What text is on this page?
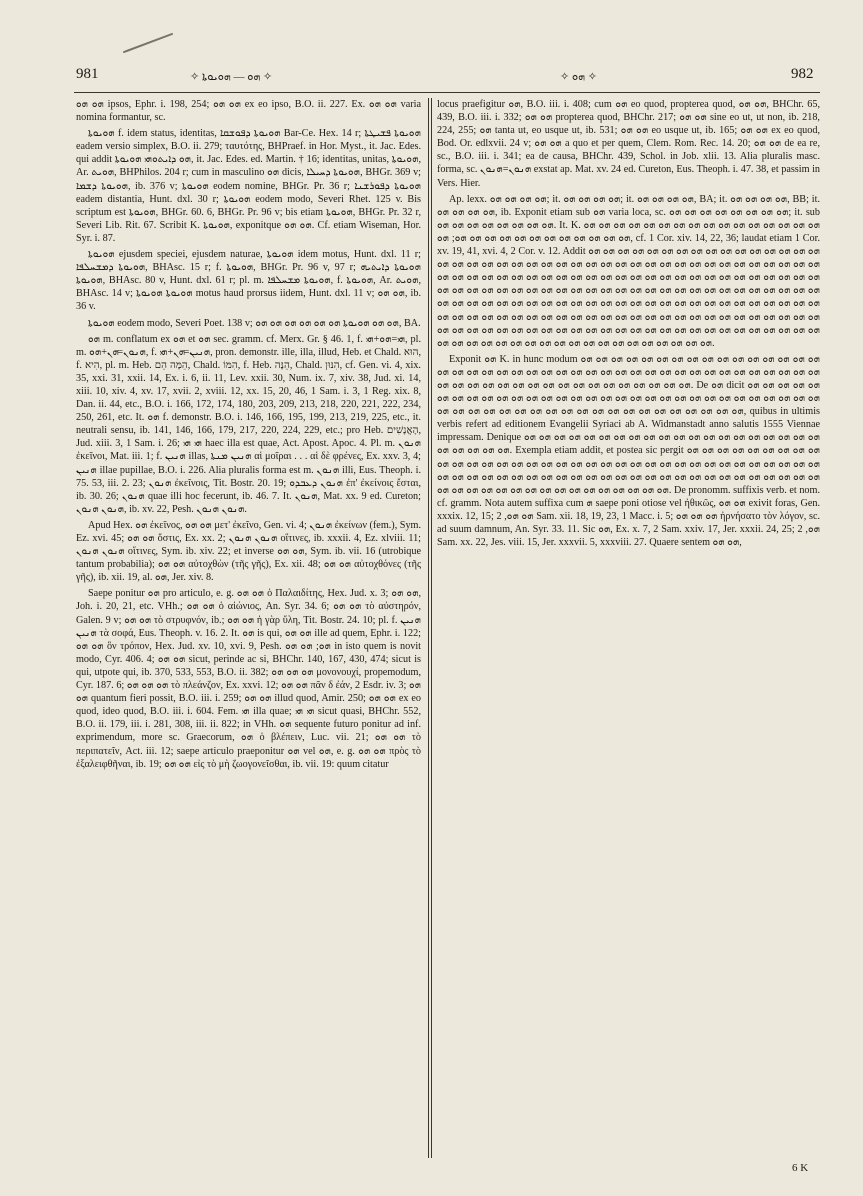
981	✧ ܗܘ — ܗܘܝܘܬܐ ✧	✧ ܗܘ ✧	982

ܗܘ ܗܘ ipsos, Ephr. i. 198, 254; ܗܘ ܗܘ ex eo ipso, B.O. ii. 227. Ex. ܗܘ ܗܘ varia nomina formantur, sc.

ܗܘܝܘܬܐ f. idem status, identitas, ܗܘܝܘܬܐ ܕܦܘܫܩܐ Bar-Ce. Hex. 14 r; ܗܘܝܘܬܐ ܦܫܝܛܬܐ eadem versio simplex, B.O. ii. 279; ταυτότης, BHPraef. in Hor. Myst., it. Jac. Edes. qui addit ܗܘ ܕܐܝܬܘܗܝ ܗܘܝܘܬܐ, it. Jac. Edes. ed. Martin. † 16; identitas, unitas, ܗܘܝܘܬܐ, Ar. ܗܘܝܬ, BHPhilos. 204 r; cum in masculino ܗܘ dicis, ܗܘܝܘܬܐ ܕܚܝܠܐ, BHGr. 369 v; ܗܘܝܘܬܐ ܕܫܡܐ, ib. 376 v; ܗܘܝܘܬܐ eodem nomine, BHGr. Pr. 36 r; ܗܘܝܘܬܐ ܕܦܘܪܫܢܐ eadem distantia, Hunt. dxl. 30 r; ܗܘܝܘܬܐ eodem modo, Severi Rhet. 125 v. Bis scriptum est ܗܘܝܘܬܐ, BHGr. 60. 6, BHGr. Pr. 96 v; bis etiam ܗܘܝܘܬܐ, BHGr. Pr. 32 r, Severi Lib. Rit. 67. Scribit K. ܗܘܝܘܬܐ, exponitque ܗܘ ܗܘ. Cf. etiam Wiseman, Hor. Syr. i. 87.

ܗܘܝܘܬܐ ejusdem speciei, ejusdem naturae, ܗܘܝܘܬܐ idem motus, Hunt. dxl. 11 r; ܗܘܝܘܬܐ ܕܡܫܚܠܦܐ, BHAsc. 15 r; f. ܗܘܝܘܬܐ, BHGr. Pr. 96 v, 97 r; ܗܘܝܘܬܐ ܕܐܝܬܝܗ ܗܘܝܘܬܐ, BHAsc. 80 v, Hunt. dxl. 61 r; pl. m. ܗܘܝܘܬܐ ܡܫܚܠܦܐ, f. ܗܘܝܘܬܐ, Ar. ܗܘܝܬ, BHAsc. 14 v; ܗܘܝܘܬܐ ܗܘܝܘܬܐ motus haud prorsus iidem, Hunt. dxl. 11 v; ܗܘ ܗܘ, ib. 36 v.

ܗܘܝܘܬܐ eodem modo, Severi Poet. 138 v; ܗܘ ܗܘ ܗܘܝܘܬܐ ܗܘ ܗܘ ܗܘ ܗܘ ܗܘ ܗܘ, BA.

ܗܘ m. conflatum ex ܗܘ et ܗܘ sec. gramm. cf. Merx. Gr. § 46. 1, f. ܗܝ=ܗܘ+ܗܝ, pl. m. ܗܢܘܢ=ܗܢ+ܗܘ, f. ܗܢܝܢ=ܗܢ+ܗܝ, pron. demonstr. ille, illa, illud, Heb. et Chald. הוּא, f. הִיא, pl. m. Heb. הֵמָּה הֵם, Chald. הִמּוֹ, f. Heb. הֵנָּה, Chald. הִנּוּן, cf. Gen. vi. 4, xix. 35, xxi. 31, xxii. 14, Ex. i. 6, ii. 11, Lev. xxii. 30, Num. ix. 7, xiv. 38, Jud. xi. 14, xiii. 10, xiv. 4, xv. 17, xvii. 2, xviii. 12, xx. 15, 20, 46, 1 Sam. i. 3, 1 Reg. xix. 8, Dan. ii. 44, etc., B.O. i. 166, 172, 174, 180, 203, 209, 213, 218, 220, 221, 222, 234, 250, 261, etc. It. ܗܘ f. demonstr. B.O. i. 146, 166, 195, 199, 213, 219, 225, etc., it. neutrali sensu, ib. 141, 146, 166, 179, 217, 220, 224, 229, etc.; pro Heb. הָאֲנָשִׁים, Jud. xiii. 3, 1 Sam. i. 26; ܗܝ ܗܝ haec illa est quae, Act. Apost. Apoc. 4. Pl. m. ܗܢܘܢ ἐκεῖνοι, Mat. iii. 1; f. ܗܢܝܢ illas, ܗܢܝܢ ܡܢܬܐ αἱ μοῖραι . . . αἱ δὲ φρένες, Ex. xxv. 3, 4; ܗܢܝܢ illae pupillae, B.O. i. 226. Alia pluralis forma est m. ܗܢܘܢ illi, Eus. Theoph. i. 75. 53, iii. 2. 23; ܗܢܘܢ ἐκεῖνοις, Tit. Bostr. 20. 19; ܗܢܘܢ ܕܥܒܕܘ ἐπ' ἐκείνοις ἔσται, ib. 30. 26; ܗܢܘܢ quae illi hoc fecerunt, ib. 46. 7. It. ܗܢܘܢ, Mat. xx. 9 ed. Cureton; ܗܢܘܢ ܗܢܘܢ, ib. xv. 22, Pesh. ܗܢܘܢ ܗܢܘܢ.

Apud Hex. ܗܘ ἐκεῖνος, ܗܘ ܗܘ μετ' ἐκεῖνο, Gen. vi. 4; ܗܢܘܢ ἐκείνων (fem.), Sym. Ez. xvi. 45; ܗܘ ܗܘ ὅστις, Ex. xx. 2; ܗܢܘܢ ܗܢܘܢ οἵτινες, ib. xxxii. 4, Ez. xlviii. 11; ܗܢܘܢ ܗܢܘܢ οἵτινες, Sym. ib. xiv. 22; et inverse ܗܘ ܗܘ, Sym. ib. vii. 16 (utrobique tantum probabilia); ܗܘ ܗܘ αὐτοχθὼν (τῆς γῆς), Ex. xii. 48; ܗܘ ܗܘ αὐτοχθόνες (τῆς γῆς), ib. xii. 19, al. ܗܘ, Jer. xiv. 8.

Saepe ponitur ܗܘ pro articulo, e. g. ܗܘ ܗܘ ὁ Παλαιδίτης, Hex. Jud. x. 3; ܗܘ ܗܘ, Joh. i. 20, 21, etc. VHh.; ܗܘ ܗܘ ὁ αἰώνιος, An. Syr. 34. 6; ܗܘ ܗܘ τὸ αὐστηρόν, Galen. 9 v; ܗܘ ܗܘ τὸ στρυφνόν, ib.; ܗܘ ܗܘ ἡ γὰρ ὕλη, Tit. Bostr. 24. 10; pl. f. ܗܢܝܢ ܗܢܝܢ τὰ σοφά, Eus. Theoph. v. 16. 2. It. ܗܘ is qui, ܗܘ ܗܘ ille ad quem, Ephr. i. 122; ܗܘ ܗܘ ὃν τρόπον, Hex. Jud. xv. 10, xvi. 9, Pesh. ܗܘ; ܗܘ ܗܘ in isto quem is novit modo, Cyr. 406. 4; ܗܘ ܗܘ sicut, perinde ac si, BHChr. 140, 167, 430, 474; sicut is qui, utpote qui, ib. 370, 533, 553, B.O. ii. 382; ܗܘ ܗܘ ܗܘ μονονουχί, propemodum, Cyr. 187. 6; ܗܘ ܗܘ ܗܘ τὸ πλεάνζον, Ex. xxvi. 12; ܗܘ ܗܘ πᾶν δ ἐάν, 2 Esdr. iv. 3; ܗܘ ܗܘ quantum fieri possit, B.O. iii. i. 259; ܗܘ ܗܘ illud quod, Amir. 250; ܗܘ ܗܘ ex eo quod, ideo quod, B.O. iii. i. 604. Fem. ܗܝ illa quae; ܗܝ ܗܝ sicut quasi, BHChr. 552, B.O. ii. 179, iii. i. 281, 308, iii. ii. 822; in VHh. ܗܘ sequente futuro ponitur ad inf. exprimendum, more sc. Graecorum, ܗܘ ὁ βλέπειν, Luc. vii. 21; ܗܘ ܗܘ τὸ περιπατεῖν, Act. iii. 12; saepe articulo praeponitur ܗܘ vel ܗܘ, e. g. ܗܘ ܗܘ πρὸς τὸ ἐξαλειφθῆναι, ib. 19; ܗܘ ܗܘ εἰς τὸ μὴ ζωογονεῖσθαι, ib. vii. 19: quum citatur

locus praefigitur ܗܘ, B.O. iii. i. 408; cum ܗܘ eo quod, propterea quod, ܗܘ ܗܘ, BHChr. 65, 439, B.O. iii. i. 332; ܗܘ ܗܘ propterea quod, BHChr. 217; ܗܘ ܗܘ sine eo ut, ut non, ib. 218, 224, 255; ܗܘ tanta ut, eo usque ut, ib. 531; ܗܘ ܗܘ eo usque ut, ib. 165; ܗܘ ܗܘ ex eo quod, Bod. Or. edlxvii. 24 v; ܗܘ ܗܘ a quo et per quem, Clem. Rom. Rec. 14. 20; ܗܘ ܗܘ de ea re, sc., B.O. iii. i. 341; ea de causa, BHChr. 439, Schol. in Job. xlii. 13. Alia pluralis masc. forma, sc. ܗܢܘܢ=ܗܢܘܢ exstat ap. Mat. xv. 24 ed. Cureton, Eus. Theoph. i. 47. 38, et passim in Vers. Hier.

Ap. lexx. ܗܘ ܗܘ ܗܘ ܗܘ; it. ܗܘ ܗܘ ܗܘ ܗܘ; it. ܗܘ ܗܘ ܗܘ ܗܘ, BA; it. ܗܘ ܗܘ ܗܘ ܗܘ, BB; it. ܗܘ ܗܘ ܗܘ ܗܘ, ib. Exponit etiam sub ܗܘ varia loca, sc. ܗܘ ܗܘ ܗܘ ܗܘ ܗܘ ܗܘ ܗܘ ܗܘ; it. sub ܗܘ ܗܘ ܗܘ ܗܘ ܗܘ ܗܘ ܗܘ ܗܘ. It. K. ܗܘ ܗܘ ܗܘ ܗܘ ܗܘ ܗܘ ܗܘ ܗܘ ܗܘ ܗܘ ܗܘ ܗܘ ܗܘ ܗܘ ܗܘ ܗܘ ܗܘ ܗܘ ܗܘ ܗܘ ܗܘ ܗܘ ܗܘ ܗܘ ܗܘ ܗܘ ܗܘ ܗܘ; ܗܘ, cf. 1 Cor. xiv. 14, 22, 36; laudat etiam 1 Cor. xv. 19, 41, xvi. 4, 2 Cor. v. 12. Addit ܗܘ ܗܘ ܗܘ ܗܘ ܗܘ ܗܘ ܗܘ ܗܘ ܗܘ ܗܘ ܗܘ ܗܘ ܗܘ ܗܘ ܗܘ ܗܘ ܗܘ ܗܘ ܗܘ ܗܘ ܗܘ ܗܘ ܗܘ ܗܘ ܗܘ ܗܘ ܗܘ ܗܘ ܗܘ ܗܘ ܗܘ ܗܘ ܗܘ ܗܘ ܗܘ ܗܘ ܗܘ ܗܘ ܗܘ ܗܘ ܗܘ ܗܘ ܗܘ ܗܘ ܗܘ ܗܘ ܗܘ ܗܘ ܗܘ ܗܘ ܗܘ ܗܘ ܗܘ ܗܘ ܗܘ ܗܘ ܗܘ ܗܘ ܗܘ ܗܘ ܗܘ ܗܘ ܗܘ ܗܘ ܗܘ ܗܘ ܗܘ ܗܘ ܗܘ ܗܘ ܗܘ ܗܘ ܗܘ ܗܘ ܗܘ ܗܘ ܗܘ ܗܘ ܗܘ ܗܘ ܗܘ ܗܘ ܗܘ ܗܘ ܗܘ ܗܘ ܗܘ ܗܘ ܗܘ ܗܘ ܗܘ ܗܘ ܗܘ ܗܘ ܗܘ ܗܘ ܗܘ ܗܘ ܗܘ ܗܘ ܗܘ ܗܘ ܗܘ ܗܘ ܗܘ ܗܘ ܗܘ ܗܘ ܗܘ ܗܘ ܗܘ ܗܘ ܗܘ ܗܘ ܗܘ ܗܘ ܗܘ ܗܘ ܗܘ ܗܘ ܗܘ ܗܘ ܗܘ ܗܘ ܗܘ ܗܘ ܗܘ ܗܘ ܗܘ ܗܘ ܗܘ ܗܘ ܗܘ ܗܘ ܗܘ ܗܘ ܗܘ ܗܘ ܗܘ ܗܘ ܗܘ ܗܘ ܗܘ ܗܘ ܗܘ ܗܘ ܗܘ ܗܘ ܗܘ ܗܘ ܗܘ ܗܘ ܗܘ ܗܘ ܗܘ ܗܘ ܗܘ ܗܘ ܗܘ ܗܘ ܗܘ ܗܘ ܗܘ ܗܘ ܗܘ ܗܘ ܗܘ ܗܘ ܗܘ ܗܘ ܗܘ ܗܘ ܗܘ ܗܘ ܗܘ ܗܘ ܗܘ ܗܘ ܗܘ ܗܘ ܗܘ ܗܘ ܗܘ ܗܘ ܗܘ ܗܘ ܗܘ ܗܘ ܗܘ ܗܘ ܗܘ.

Exponit ܗܘ K. in hunc modum ܗܘ ܗܘ ܗܘ ܗܘ ܗܘ ܗܘ ܗܘ ܗܘ ܗܘ ܗܘ ܗܘ ܗܘ ܗܘ ܗܘ ܗܘ ܗܘ ܗܘ ܗܘ ܗܘ ܗܘ ܗܘ ܗܘ ܗܘ ܗܘ ܗܘ ܗܘ ܗܘ ܗܘ ܗܘ ܗܘ ܗܘ ܗܘ ܗܘ ܗܘ ܗܘ ܗܘ ܗܘ ܗܘ ܗܘ ܗܘ ܗܘ ܗܘ ܗܘ ܗܘ ܗܘ ܗܘ ܗܘ ܗܘ ܗܘ ܗܘ ܗܘ ܗܘ ܗܘ ܗܘ ܗܘ ܗܘ ܗܘ ܗܘ ܗܘ. De ܗܘ dicit ܗܘ ܗܘ ܗܘ ܗܘ ܗܘ ܗܘ ܗܘ ܗܘ ܗܘ ܗܘ ܗܘ ܗܘ ܗܘ ܗܘ ܗܘ ܗܘ ܗܘ ܗܘ ܗܘ ܗܘ ܗܘ ܗܘ ܗܘ ܗܘ ܗܘ ܗܘ ܗܘ ܗܘ ܗܘ ܗܘ ܗܘ ܗܘ ܗܘ ܗܘ ܗܘ ܗܘ ܗܘ ܗܘ ܗܘ ܗܘ ܗܘ ܗܘ ܗܘ ܗܘ ܗܘ ܗܘ ܗܘ ܗܘ ܗܘ ܗܘ ܗܘ, quibus in ultimis verbis refert ad editionem Evangelii Syriaci ab A. Widmanstadt anno salutis 1555 Viennae impressam. Denique ܗܘ ܗܘ ܗܘ ܗܘ ܗܘ ܗܘ ܗܘ ܗܘ ܗܘ ܗܘ ܗܘ ܗܘ ܗܘ ܗܘ ܗܘ ܗܘ ܗܘ ܗܘ ܗܘ ܗܘ ܗܘ ܗܘ ܗܘ ܗܘ ܗܘ. Exempla etiam addit, et postea sic pergit ܗܘ ܗܘ ܗܘ ܗܘ ܗܘ ܗܘ ܗܘ ܗܘ ܗܘ ܗܘ ܗܘ ܗܘ ܗܘ ܗܘ ܗܘ ܗܘ ܗܘ ܗܘ ܗܘ ܗܘ ܗܘ ܗܘ ܗܘ ܗܘ ܗܘ ܗܘ ܗܘ ܗܘ ܗܘ ܗܘ ܗܘ ܗܘ ܗܘ ܗܘ ܗܘ ܗܘ ܗܘ ܗܘ ܗܘ ܗܘ ܗܘ ܗܘ ܗܘ ܗܘ ܗܘ ܗܘ ܗܘ ܗܘ ܗܘ ܗܘ ܗܘ ܗܘ ܗܘ ܗܘ ܗܘ ܗܘ ܗܘ ܗܘ ܗܘ ܗܘ ܗܘ ܗܘ ܗܘ ܗܘ ܗܘ ܗܘ ܗܘ ܗܘ ܗܘ ܗܘ ܗܘ ܗܘ ܗܘ ܗܘ ܗܘ ܗܘ ܗܘ. De pronomm. suffixis verb. et nom. cf. gramm. Nota autem suffixa cum ܗ saepe poni otiose vel ἠθικῶς, ܗܘ ܗܘ exivit foras, Gen. xxxix. 12, 15; ܗܘ ܗܘ, 2 Sam. xii. 18, 19, 23, 1 Macc. i. 5; ܗܘ ܗܘ ܗܘ ἠρνήσατο τὸν λόγον, sc. ad suum damnum, An. Syr. 33. 11. Sic ܗܘ, Ex. x. 7, 2 Sam. xxiv. 17, Jer. xxxii. 24, 25; ܗܘ, 2 Sam. xx. 22, Jes. viii. 15, Jer. xxxvii. 5, xxxviii. 27. Quaere sentem ܗܘ ܗܘ,

6 K
